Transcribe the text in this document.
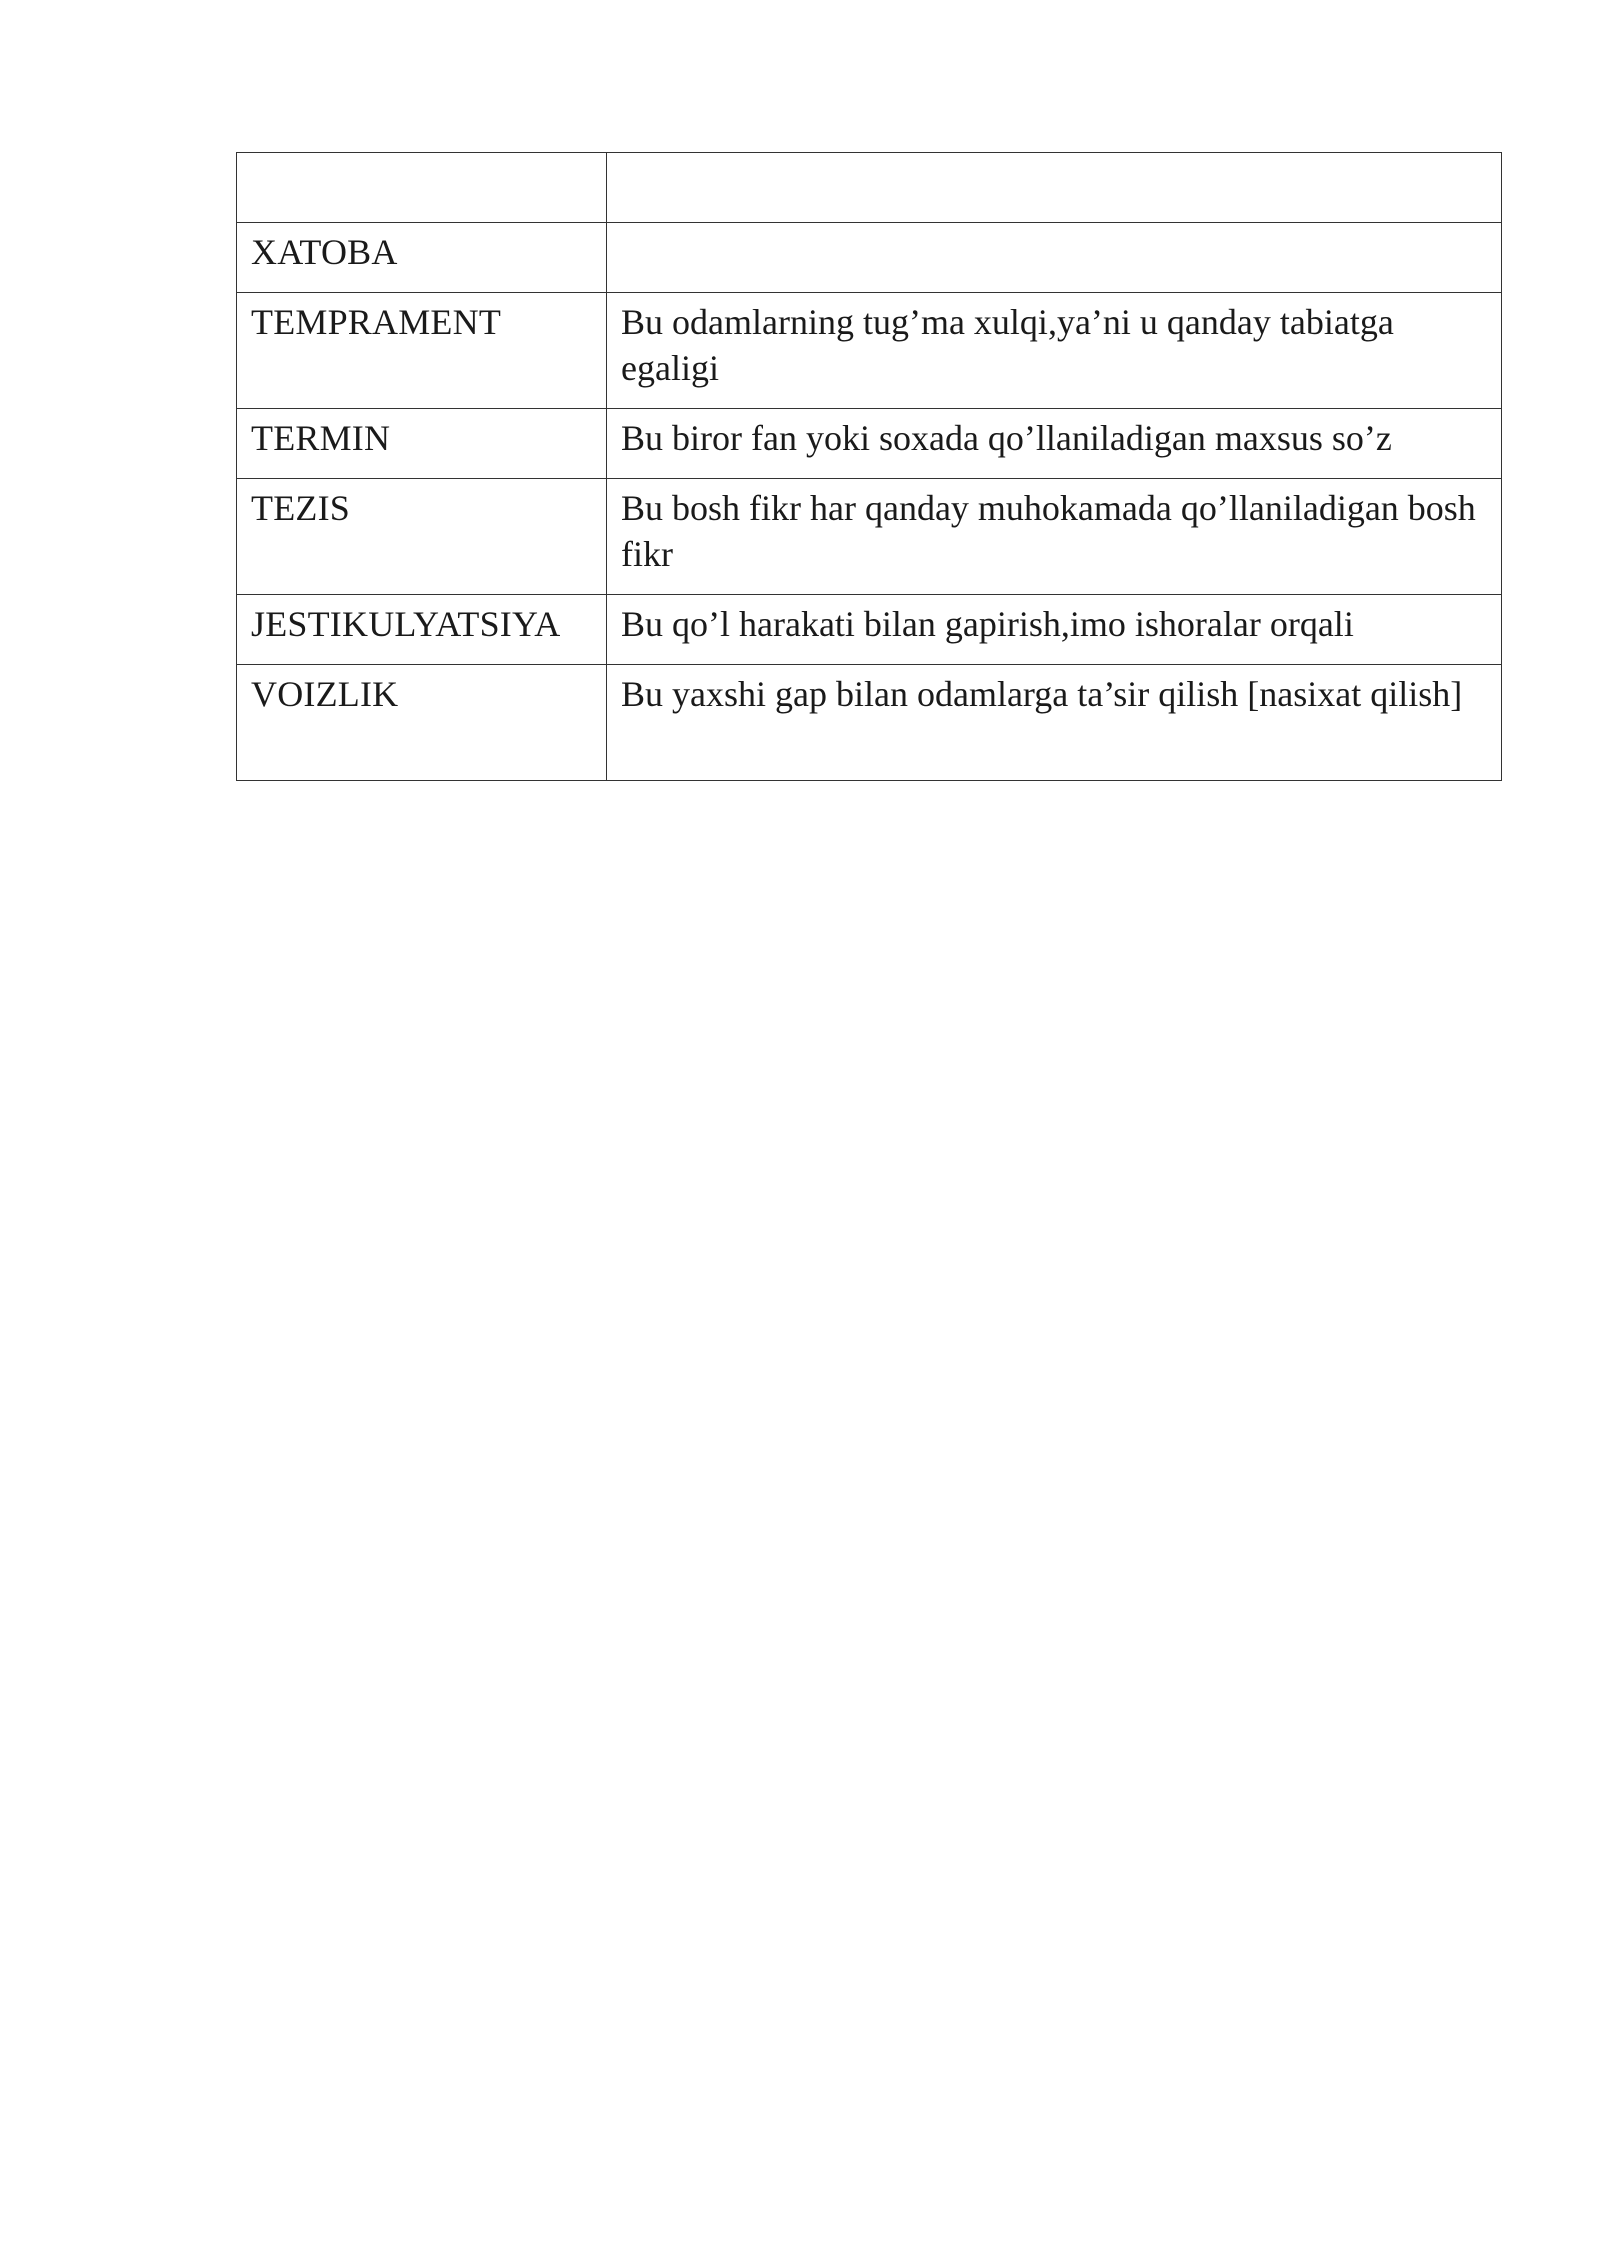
XATOBA	
TEMPRAMENT	Bu odamlarning tug’ma xulqi,ya’ni u qanday tabiatga egaligi
TERMIN	Bu biror fan yoki soxada qo’llaniladigan maxsus so’z
TEZIS	Bu bosh fikr har qanday muhokamada qo’llaniladigan bosh fikr
JESTIKULYATSIYA	Bu qo’l harakati bilan gapirish,imo ishoralar orqali
VOIZLIK	Bu yaxshi gap bilan odamlarga ta’sir qilish [nasixat qilish]
